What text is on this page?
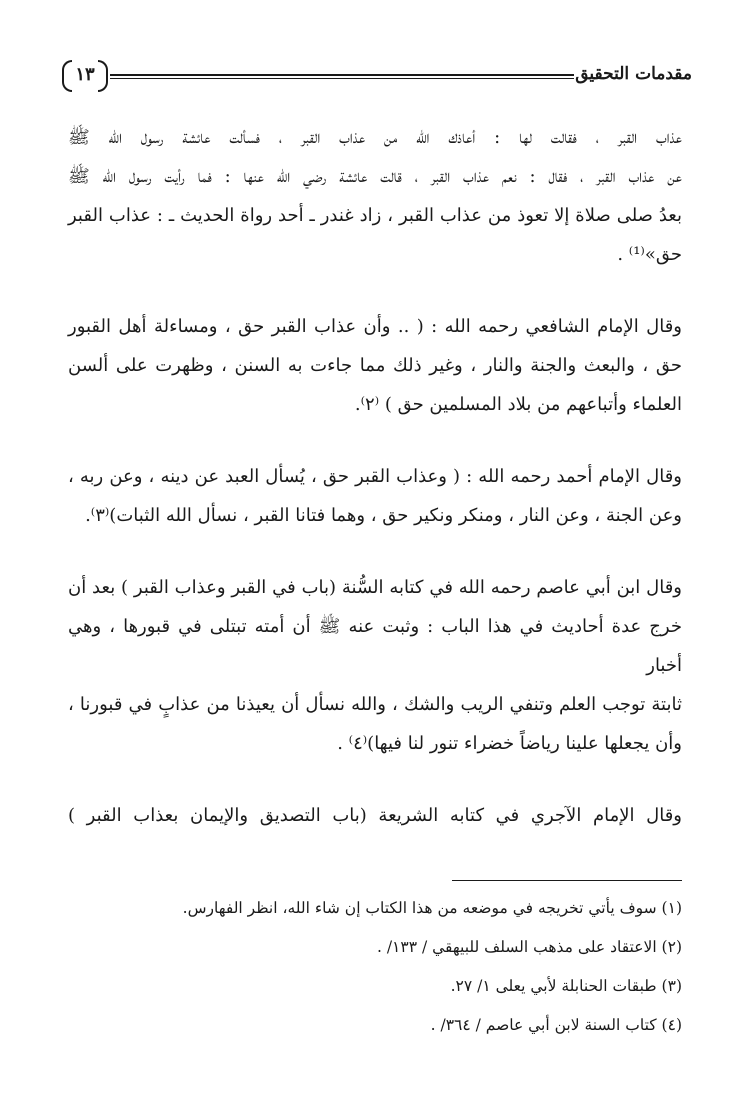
مقدمات التحقيق
١٣

عذاب القبر ، فقالت لها : أعاذك الله من عذاب القبر ، فسألت عائشة رسول الله ﷺ
عن عذاب القبر ، فقال : نعم عذاب القبر ، قالت عائشة رضي الله عنها : فما رأيت رسول الله ﷺ
بعدُ صلى صلاة إلا تعوذ من عذاب القبر ، زاد غندر ـ أحد رواة الحديث ـ : عذاب القبر
حق»⁽¹⁾ .

وقال الإمام الشافعي رحمه الله : ( .. وأن عذاب القبر حق ، ومساءلة أهل القبور
حق ، والبعث والجنة والنار ، وغير ذلك مما جاءت به السنن ، وظهرت على ألسن
العلماء وأتباعهم من بلاد المسلمين حق ) ⁽٢⁾.

وقال الإمام أحمد رحمه الله : ( وعذاب القبر حق ، يُسأل العبد عن دينه ، وعن ربه ،
وعن الجنة ، وعن النار ، ومنكر ونكير حق ، وهما فتانا القبر ، نسأل الله الثبات)⁽٣⁾.

وقال ابن أبي عاصم رحمه الله في كتابه السُّنة (باب في القبر وعذاب القبر ) بعد أن
خرج عدة أحاديث في هذا الباب : وثبت عنه ﷺ أن أمته تبتلى في قبورها ، وهي أخبار
ثابتة توجب العلم وتنفي الريب والشك ، والله نسأل أن يعيذنا من عذابٍ في قبورنا ،
وأن يجعلها علينا رياضاً خضراء تنور لنا فيها)⁽٤⁾ .

وقال الإمام الآجري في كتابه الشريعة (باب التصديق والإيمان بعذاب القبر )

(١) سوف يأتي تخريجه في موضعه من هذا الكتاب إن شاء الله، انظر الفهارس.
(٢) الاعتقاد على مذهب السلف للبيهقي / ١٣٣/ .
(٣) طبقات الحنابلة لأبي يعلى ١/ ٢٧.
(٤) كتاب السنة لابن أبي عاصم / ٣٦٤/ .
